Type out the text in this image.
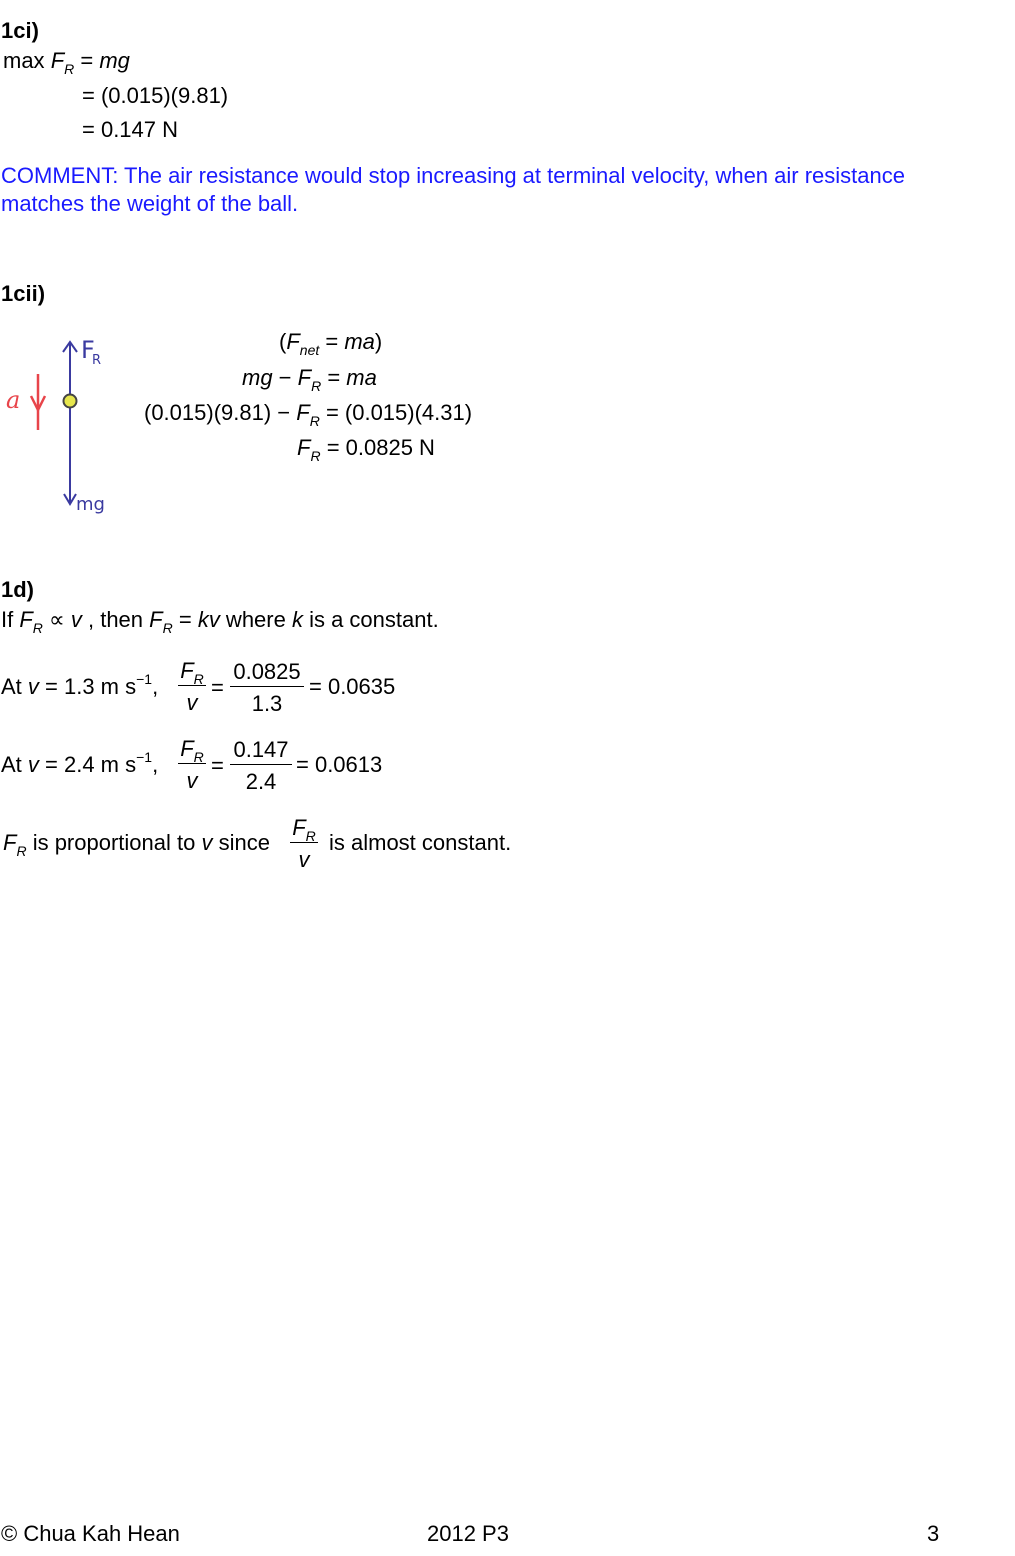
1ci)
$\max F_R$ = mg
= (0.015)(9.81)
= 0.147 N
COMMENT: The air resistance would stop increasing at terminal velocity, when air resistance matches the weight of the ball.
1cii)
a
F
R
mg
$(F_{net} = ma)$
mg − $F_R$ = ma
$(0.015)(9.81) - F_R = (0.015)(4.31)$
$F_R = 0.0825$ N
1d)
If $F_R \propto v$ , then $F_R$ = kv where k is a constant.
At v = 1.3 m $s^{-1}$,
$F_R$
v
=
0.0825
1.3
= 0.0635
At v = 2.4 m $s^{-1}$,
$F_R$
v
=
0.147
2.4
= 0.0613
$F_R$ is proportional to v since
$F_R$
v
is almost constant.
© Chua Kah Hean	2012 P3	3
